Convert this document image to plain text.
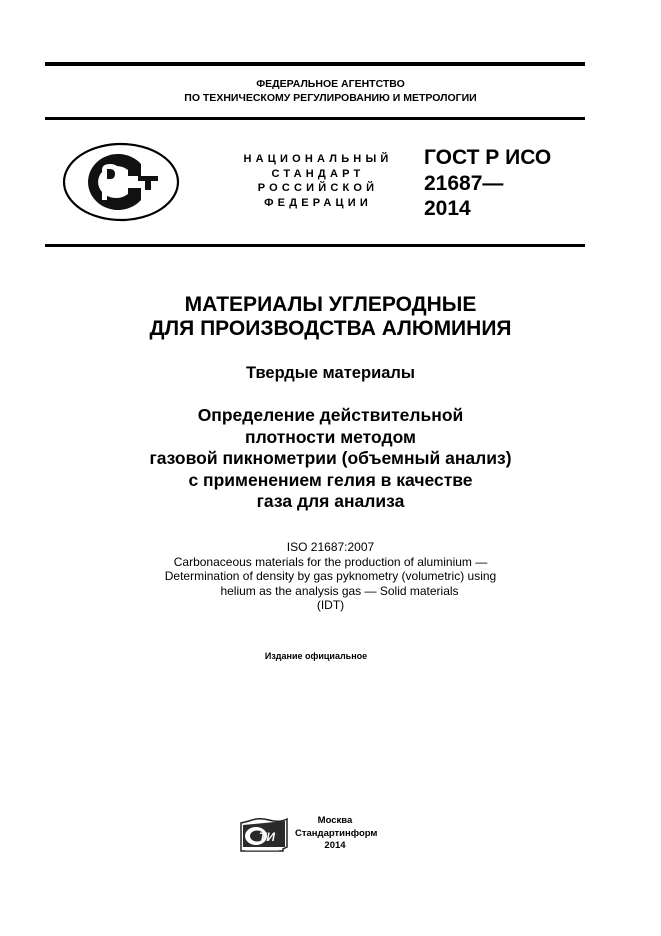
ФЕДЕРАЛЬНОЕ АГЕНТСТВО
ПО ТЕХНИЧЕСКОМУ РЕГУЛИРОВАНИЮ И МЕТРОЛОГИИ
НАЦИОНАЛЬНЫЙ
СТАНДАРТ
РОССИЙСКОЙ
ФЕДЕРАЦИИ
ГОСТ Р ИСО
21687—
2014
МАТЕРИАЛЫ УГЛЕРОДНЫЕ
ДЛЯ ПРОИЗВОДСТВА АЛЮМИНИЯ
Твердые материалы
Определение действительной
плотности методом
газовой пикнометрии (объемный анализ)
с применением гелия в качестве
газа для анализа
ISO 21687:2007
Carbonaceous materials for the production of aluminium —
Determination of density by gas pyknometry (volumetric) using
helium as the analysis gas — Solid materials
(IDT)
Издание официальное
ТИ
Москва
Стандартинформ
2014
